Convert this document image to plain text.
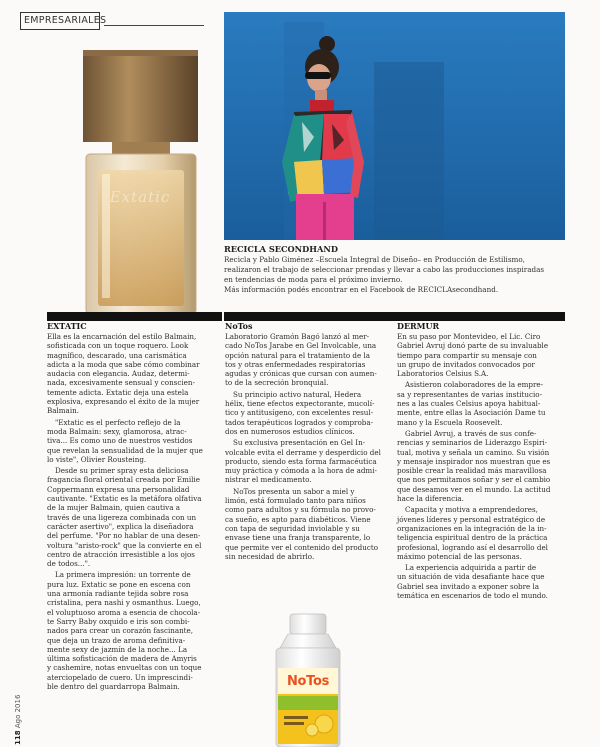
EMPRESARIALES
Extatic
RECICLA SECONDHAND

Recicla y Pablo Giménez –Escuela Integral de Diseño– en Producción de Estilismo,
realizaron el trabajo de seleccionar prendas y llevar a cabo las producciones inspiradas
en tendencias de moda para el próximo invierno.
Más información podés encontrar en el Facebook de RECICLAsecondhand.

EXTATIC

Ella es la encarnación del estilo Balmain,
sofisticada con un toque roquero. Look
magnífico, descarado, una carismática
adicta a la moda que sabe cómo combinar
audacia con elegancia. Audaz, determi-
nada, excesivamente sensual y conscien-
temente adicta. Extatic deja una estela
explosiva, expresando el éxito de la mujer
Balmain.

"Extatic es el perfecto reflejo de la
moda Balmain: sexy, glamorosa, atrac-
tiva... Es como uno de nuestros vestidos
que revelan la sensualidad de la mujer que
lo viste", Olivier Rousteing.

Desde su primer spray esta deliciosa
fragancia floral oriental creada por Emilie
Coppermann expresa una personalidad
cautivante. "Extatic es la metáfora olfativa
de la mujer Balmain, quien cautiva a
través de una ligereza combinada con un
carácter asertivo", explica la diseñadora
del perfume. "Por no hablar de una desen-
voltura "aristo-rock" que la convierte en el
centro de atracción irresistible a los ojos
de todos...".

La primera impresión: un torrente de
pura luz. Extatic se pone en escena con
una armonía radiante tejida sobre rosa
cristalina, pera nashi y osmanthus. Luego,
el voluptuoso aroma a esencia de chocola-
te Sarry Baby oxquido e iris son combi-
nados para crear un corazón fascinante,
que deja un trazo de aroma definitiva-
mente sexy de jazmín de la noche... La
última sofisticación de madera de Amyris
y cashemire, notas envueltas con un toque
aterciopelado de cuero. Un imprescindi-
ble dentro del guardarropa Balmain.

NoTos

Laboratorio Gramón Bagó lanzó al mer-
cado NoTos Jarabe en Gel Involcable, una
opción natural para el tratamiento de la
tos y otras enfermedades respiratorias
agudas y crónicas que cursan con aumen-
to de la secreción bronquial.

Su principio activo natural, Hedera
hélix, tiene efectos expectorante, mucolí-
tico y antitusígeno, con excelentes resul-
tados terapéuticos logrados y comproba-
dos en numerosos estudios clínicos.

Su exclusiva presentación en Gel In-
volcable evita el derrame y desperdicio del
producto, siendo esta forma farmacéutica
muy práctica y cómoda a la hora de admi-
nistrar el medicamento.

NoTos presenta un sabor a miel y
limón, está formulado tanto para niños
como para adultos y su fórmula no provo-
ca sueño, es apto para diabéticos. Viene
con tapa de seguridad inviolable y su
envase tiene una franja transparente, lo
que permite ver el contenido del producto
sin necesidad de abrirlo.

DERMUR

En su paso por Montevideo, el Lic. Ciro
Gabriel Avruj donó parte de su invaluable
tiempo para compartir su mensaje con
un grupo de invitados convocados por
Laboratorios Celsius S.A.

Asistieron colaboradores de la empre-
sa y representantes de varias institucio-
nes a las cuales Celsius apoya habitual-
mente, entre ellas la Asociación Dame tu
mano y la Escuela Roosevelt.

Gabriel Avruj, a través de sus confe-
rencias y seminarios de Liderazgo Espiri-
tual, motiva y señala un camino. Su visión
y mensaje inspirador nos muestran que es
posible crear la realidad más maravillosa
que nos permitamos soñar y ser el cambio
que deseamos ver en el mundo. La actitud
hace la diferencia.

Capacita y motiva a emprendedores,
jóvenes líderes y personal estratégico de
organizaciones en la integración de la in-
teligencia espiritual dentro de la práctica
profesional, logrando así el desarrollo del
máximo potencial de las personas.

La experiencia adquirida a partir de
un situación de vida desafiante hace que
Gabriel sea invitado a exponer sobre la
temática en escenarios de todo el mundo.

NoTos
118 Ago 2016
